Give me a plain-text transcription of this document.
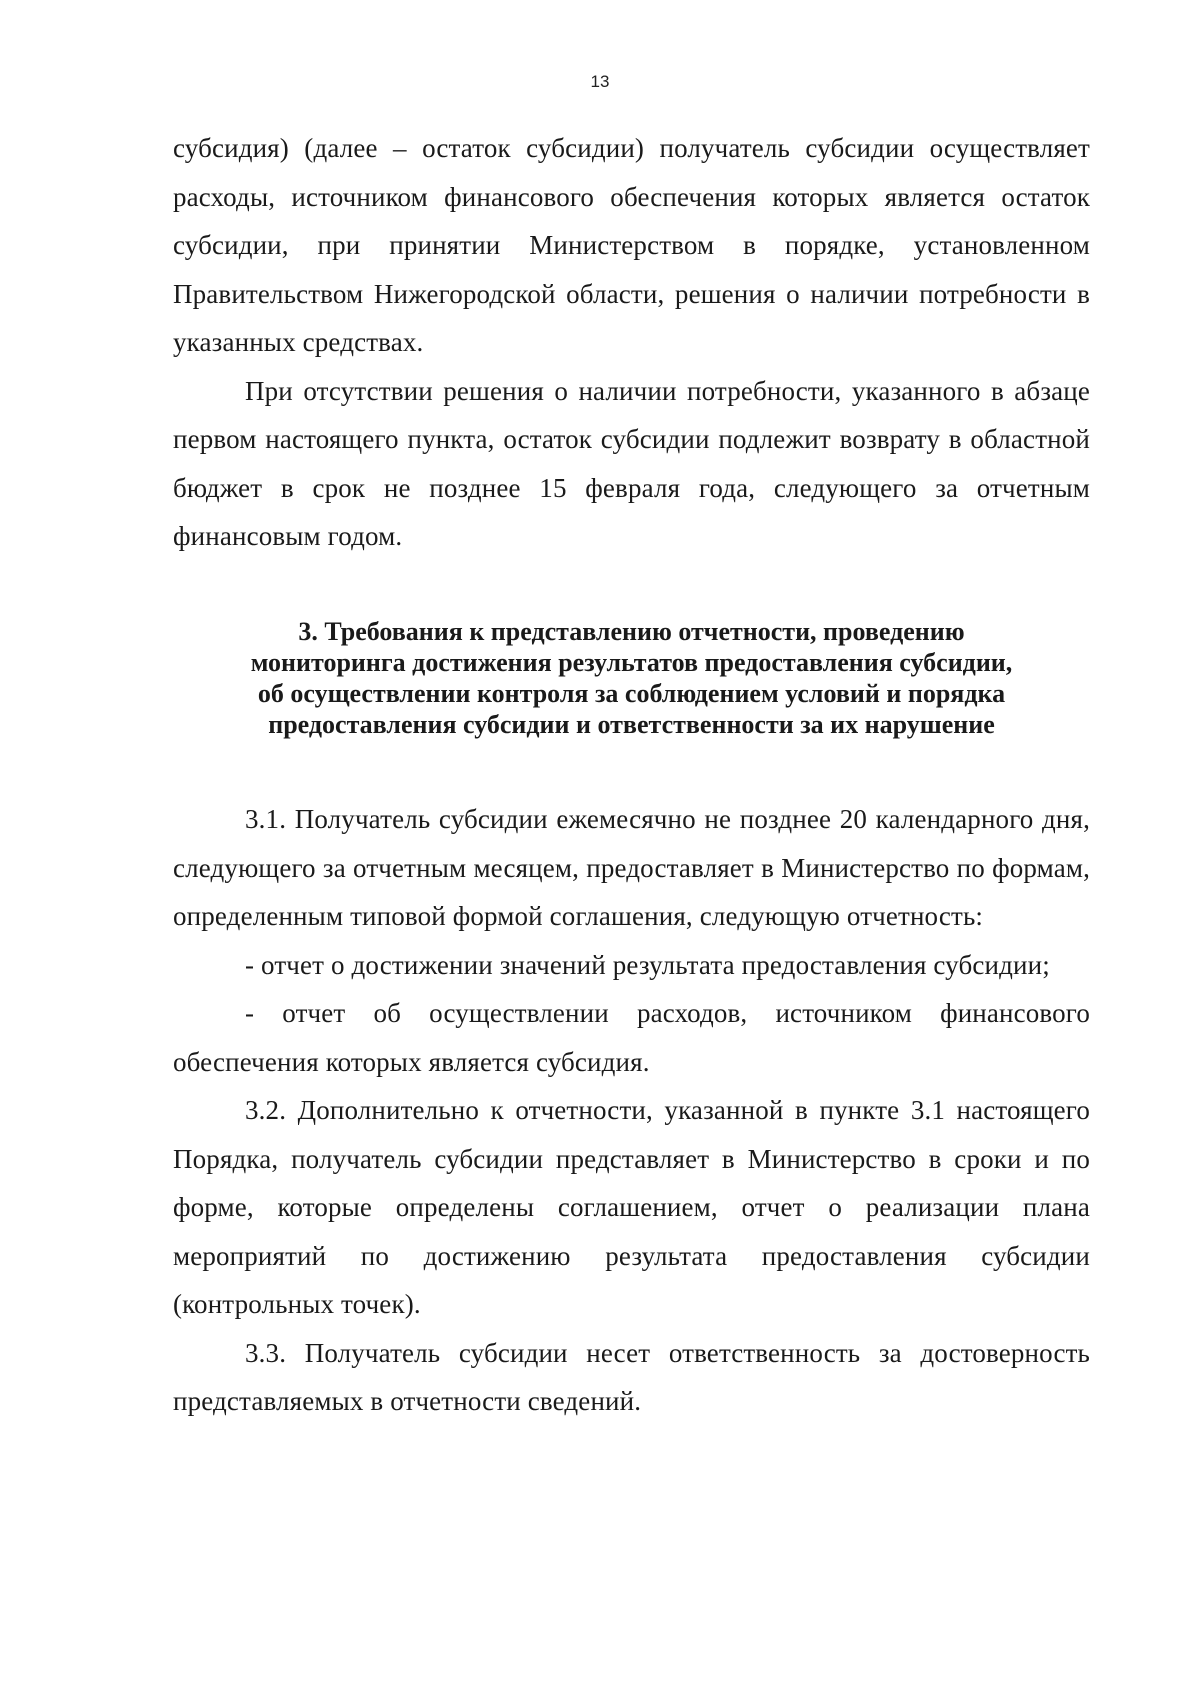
13

субсидия) (далее – остаток субсидии) получатель субсидии осуществляет расходы, источником финансового обеспечения которых является остаток субсидии, при принятии Министерством в порядке, установленном Правительством Нижегородской области, решения о наличии потребности в указанных средствах.

При отсутствии решения о наличии потребности, указанного в абзаце первом настоящего пункта, остаток субсидии подлежит возврату в областной бюджет в срок не позднее 15 февраля года, следующего за отчетным финансовым годом.

3. Требования к представлению отчетности, проведению
мониторинга достижения результатов предоставления субсидии,
об осуществлении контроля за соблюдением условий и порядка
предоставления субсидии и ответственности за их нарушение

3.1. Получатель субсидии ежемесячно не позднее 20 календарного дня, следующего за отчетным месяцем, предоставляет в Министерство по формам, определенным типовой формой соглашения, следующую отчетность:

- отчет о достижении значений результата предоставления субсидии;

- отчет об осуществлении расходов, источником финансового обеспечения которых является субсидия.

3.2. Дополнительно к отчетности, указанной в пункте 3.1 настоящего Порядка, получатель субсидии представляет в Министерство в сроки и по форме, которые определены соглашением, отчет о реализации плана мероприятий по достижению результата предоставления субсидии (контрольных точек).

3.3. Получатель субсидии несет ответственность за достоверность представляемых в отчетности сведений.
